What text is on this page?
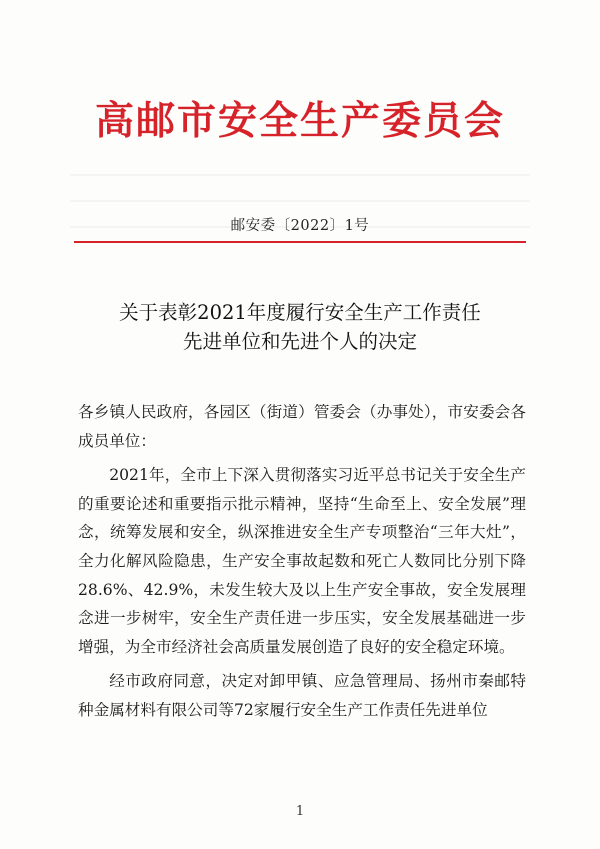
高邮市安全生产委员会
邮安委〔2022〕1号
关于表彰2021年度履行安全生产工作责任
先进单位和先进个人的决定

各乡镇人民政府，各园区（街道）管委会（办事处），市安委会各成员单位：

2021年，全市上下深入贯彻落实习近平总书记关于安全生产的重要论述和重要指示批示精神，坚持“生命至上、安全发展”理念，统筹发展和安全，纵深推进安全生产专项整治“三年大灶”，全力化解风险隐患，生产安全事故起数和死亡人数同比分别下降28.6%、42.9%，未发生较大及以上生产安全事故，安全发展理念进一步树牢，安全生产责任进一步压实，安全发展基础进一步增强，为全市经济社会高质量发展创造了良好的安全稳定环境。

经市政府同意，决定对卸甲镇、应急管理局、扬州市秦邮特种金属材料有限公司等72家履行安全生产工作责任先进单位

1
